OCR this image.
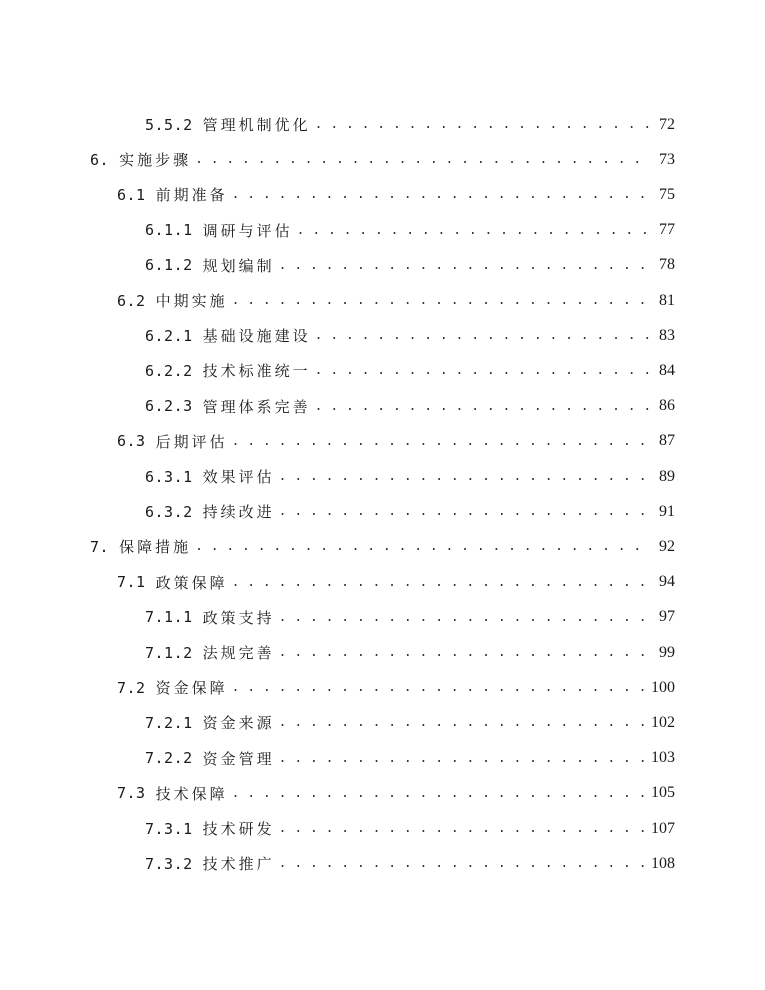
5.5.2 管理机制优化 . . .	72
6. 实施步骤 . . .	73
6.1 前期准备 . . .	75
6.1.1 调研与评估 . . .	77
6.1.2 规划编制 . . .	78
6.2 中期实施 . . .	81
6.2.1 基础设施建设 . . .	83
6.2.2 技术标准统一 . . .	84
6.2.3 管理体系完善 . . .	86
6.3 后期评估 . . .	87
6.3.1 效果评估 . . .	89
6.3.2 持续改进 . . .	91
7. 保障措施 . . .	92
7.1 政策保障 . . .	94
7.1.1 政策支持 . . .	97
7.1.2 法规完善 . . .	99
7.2 资金保障 . . .	100
7.2.1 资金来源 . . .	102
7.2.2 资金管理 . . .	103
7.3 技术保障 . . .	105
7.3.1 技术研发 . . .	107
7.3.2 技术推广 . . .	108
